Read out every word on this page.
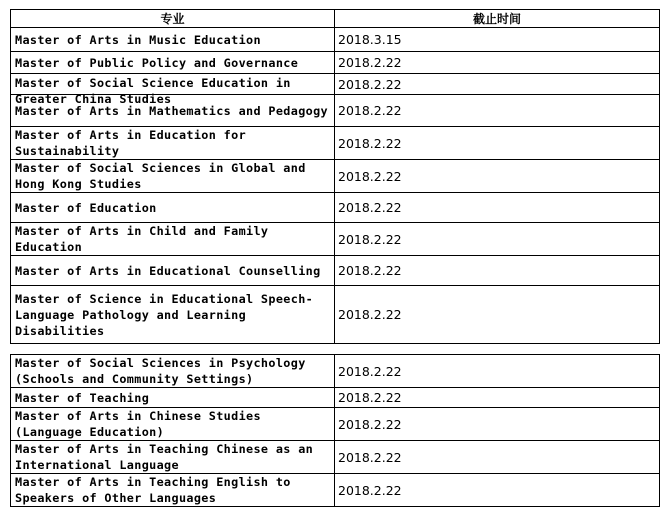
专业	截止时间
Master of Arts in Music Education	2018.3.15
Master of Public Policy and Governance	2018.2.22

Master of Social Science Education in Greater China Studies	2018.2.22
Master of Arts in Mathematics and Pedagogy	2018.2.22
Master of Arts in Education for Sustainability	2018.2.22
Master of Social Sciences in Global and Hong Kong Studies	2018.2.22
Master of Education	2018.2.22
Master of Arts in Child and Family Education	2018.2.22
Master of Arts in Educational Counselling	2018.2.22
Master of Science in Educational Speech-Language Pathology and Learning Disabilities	2018.2.22

Master of Social Sciences in Psychology (Schools and Community Settings)	2018.2.22
Master of Teaching	2018.2.22
Master of Arts in Chinese Studies (Language Education)	2018.2.22
Master of Arts in Teaching Chinese as an International Language	2018.2.22
Master of Arts in Teaching English to Speakers of Other Languages	2018.2.22
